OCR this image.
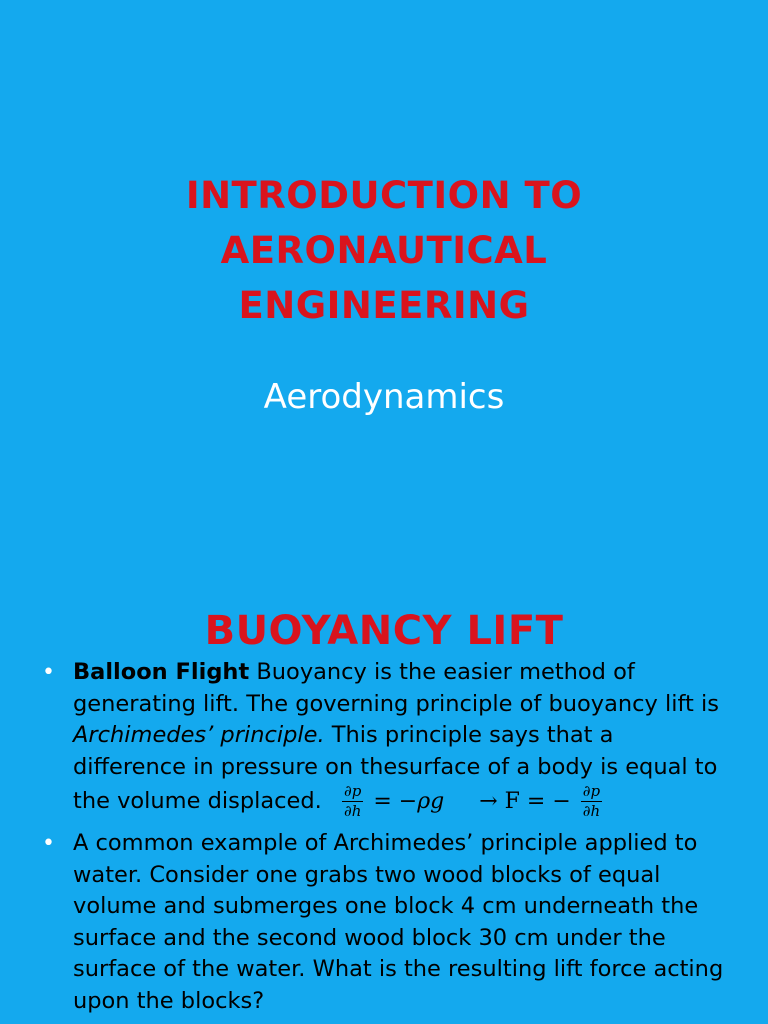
INTRODUCTION TO
AERONAUTICAL
ENGINEERING
Aerodynamics
BUOYANCY LIFT
• Balloon Flight Buoyancy is the easier method of generating lift. The governing principle of buoyancy lift is Archimedes’ principle. This principle says that a difference in pressure on thesurface of a body is equal to the volume displaced. $\frac{\partial p}{\partial h} = -\rho g \to F$ = − $\frac{\partial p}{\partial h}$
• A common example of Archimedes’ principle applied to water. Consider one grabs two wood blocks of equal volume and submerges one block 4 cm underneath the surface and the second wood block 30 cm under the surface of the water. What is the resulting lift force acting upon the blocks?
